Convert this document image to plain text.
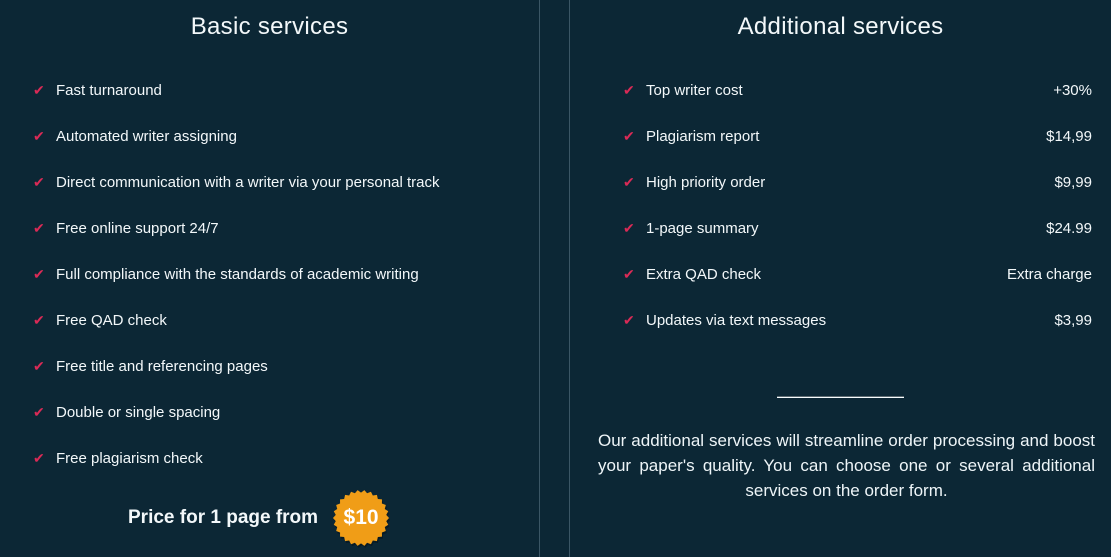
Basic services
✔ Fast turnaround
✔ Automated writer assigning
✔ Direct communication with a writer via your personal track
✔ Free online support 24/7
✔ Full compliance with the standards of academic writing
✔ Free QAD check
✔ Free title and referencing pages
✔ Double or single spacing
✔ Free plagiarism check
Price for 1 page from	$10
Additional services
✔ Top writer cost	+30%
✔ Plagiarism report	$14,99
✔ High priority order	$9,99
✔ 1-page summary	$24.99
✔ Extra QAD check	Extra charge
✔ Updates via text messages	$3,99

Our additional services will streamline order processing and boost your paper's quality. You can choose one or several additional services on the order form.
